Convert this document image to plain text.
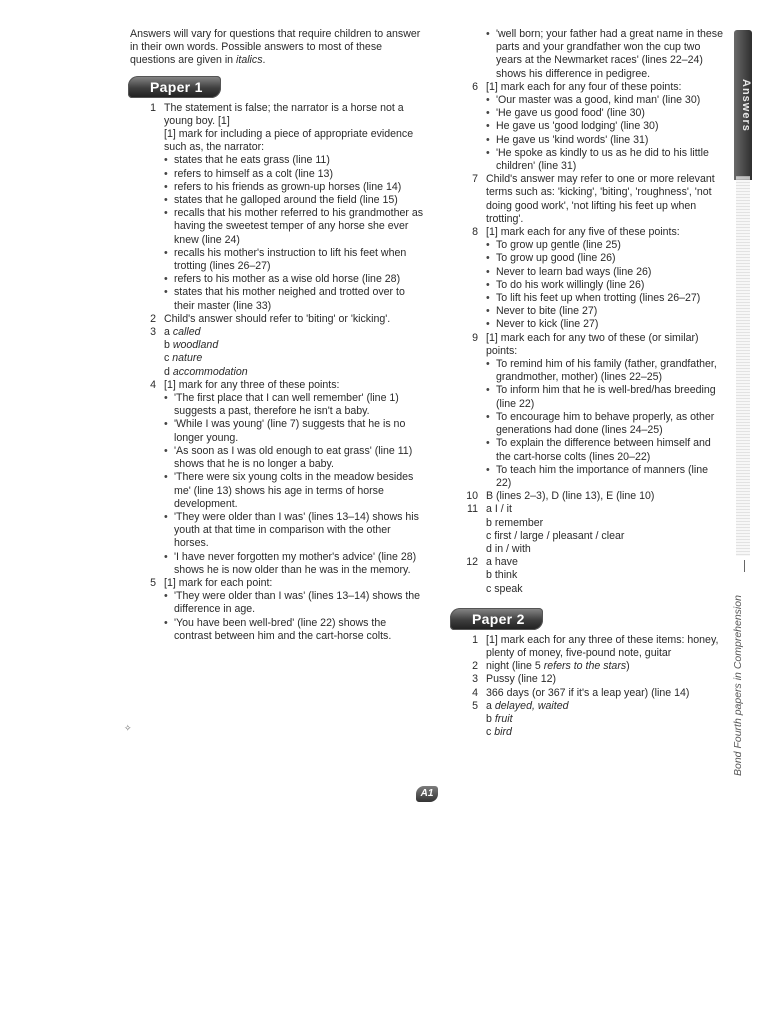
Answers will vary for questions that require children to answer in their own words. Possible answers to most of these questions are given in italics.

Paper 1
1 The statement is false; the narrator is a horse not a young boy. [1]
[1] mark for including a piece of appropriate evidence such as, the narrator:
• states that he eats grass (line 11)
• refers to himself as a colt (line 13)
• refers to his friends as grown-up horses (line 14)
• states that he galloped around the field (line 15)
• recalls that his mother referred to his grandmother as having the sweetest temper of any horse she ever knew (line 24)
• recalls his mother's instruction to lift his feet when trotting (lines 26–27)
• refers to his mother as a wise old horse (line 28)
• states that his mother neighed and trotted over to their master (line 33)
2 Child's answer should refer to 'biting' or 'kicking'.
3 a called
b woodland
c nature
d accommodation
4 [1] mark for any three of these points:
• 'The first place that I can well remember' (line 1) suggests a past, therefore he isn't a baby.
• 'While I was young' (line 7) suggests that he is no longer young.
• 'As soon as I was old enough to eat grass' (line 11) shows that he is no longer a baby.
• 'There were six young colts in the meadow besides me' (line 13) shows his age in terms of horse development.
• 'They were older than I was' (lines 13–14) shows his youth at that time in comparison with the other horses.
• 'I have never forgotten my mother's advice' (line 28) shows he is now older than he was in the memory.
5 [1] mark for each point:
• 'They were older than I was' (lines 13–14) shows the difference in age.
• 'You have been well-bred' (line 22) shows the contrast between him and the cart-horse colts.
• 'well born; your father had a great name in these parts and your grandfather won the cup two years at the Newmarket races' (lines 22–24) shows his difference in pedigree.
6 [1] mark each for any four of these points:
• 'Our master was a good, kind man' (line 30)
• 'He gave us good food' (line 30)
• He gave us 'good lodging' (line 30)
• He gave us 'kind words' (line 31)
• 'He spoke as kindly to us as he did to his little children' (line 31)
7 Child's answer may refer to one or more relevant terms such as: 'kicking', 'biting', 'roughness', 'not doing good work', 'not lifting his feet up when trotting'.
8 [1] mark each for any five of these points:
• To grow up gentle (line 25)
• To grow up good (line 26)
• Never to learn bad ways (line 26)
• To do his work willingly (line 26)
• To lift his feet up when trotting (lines 26–27)
• Never to bite (line 27)
• Never to kick (line 27)
9 [1] mark each for any two of these (or similar) points:
• To remind him of his family (father, grandfather, grandmother, mother) (lines 22–25)
• To inform him that he is well-bred/has breeding (line 22)
• To encourage him to behave properly, as other generations had done (lines 24–25)
• To explain the difference between himself and the cart-horse colts (lines 20–22)
• To teach him the importance of manners (line 22)
10 B (lines 2–3), D (line 13), E (line 10)
11 a I / it
b remember
c first / large / pleasant / clear
d in / with
12 a have
b think
c speak
Paper 2
1 [1] mark each for any three of these items: honey, plenty of money, five-pound note, guitar
2 night (line 5 refers to the stars)
3 Pussy (line 12)
4 366 days (or 367 if it's a leap year) (line 14)
5 a delayed, waited
b fruit
c bird
Answers
Bond Fourth papers in Comprehension
✧
A1
